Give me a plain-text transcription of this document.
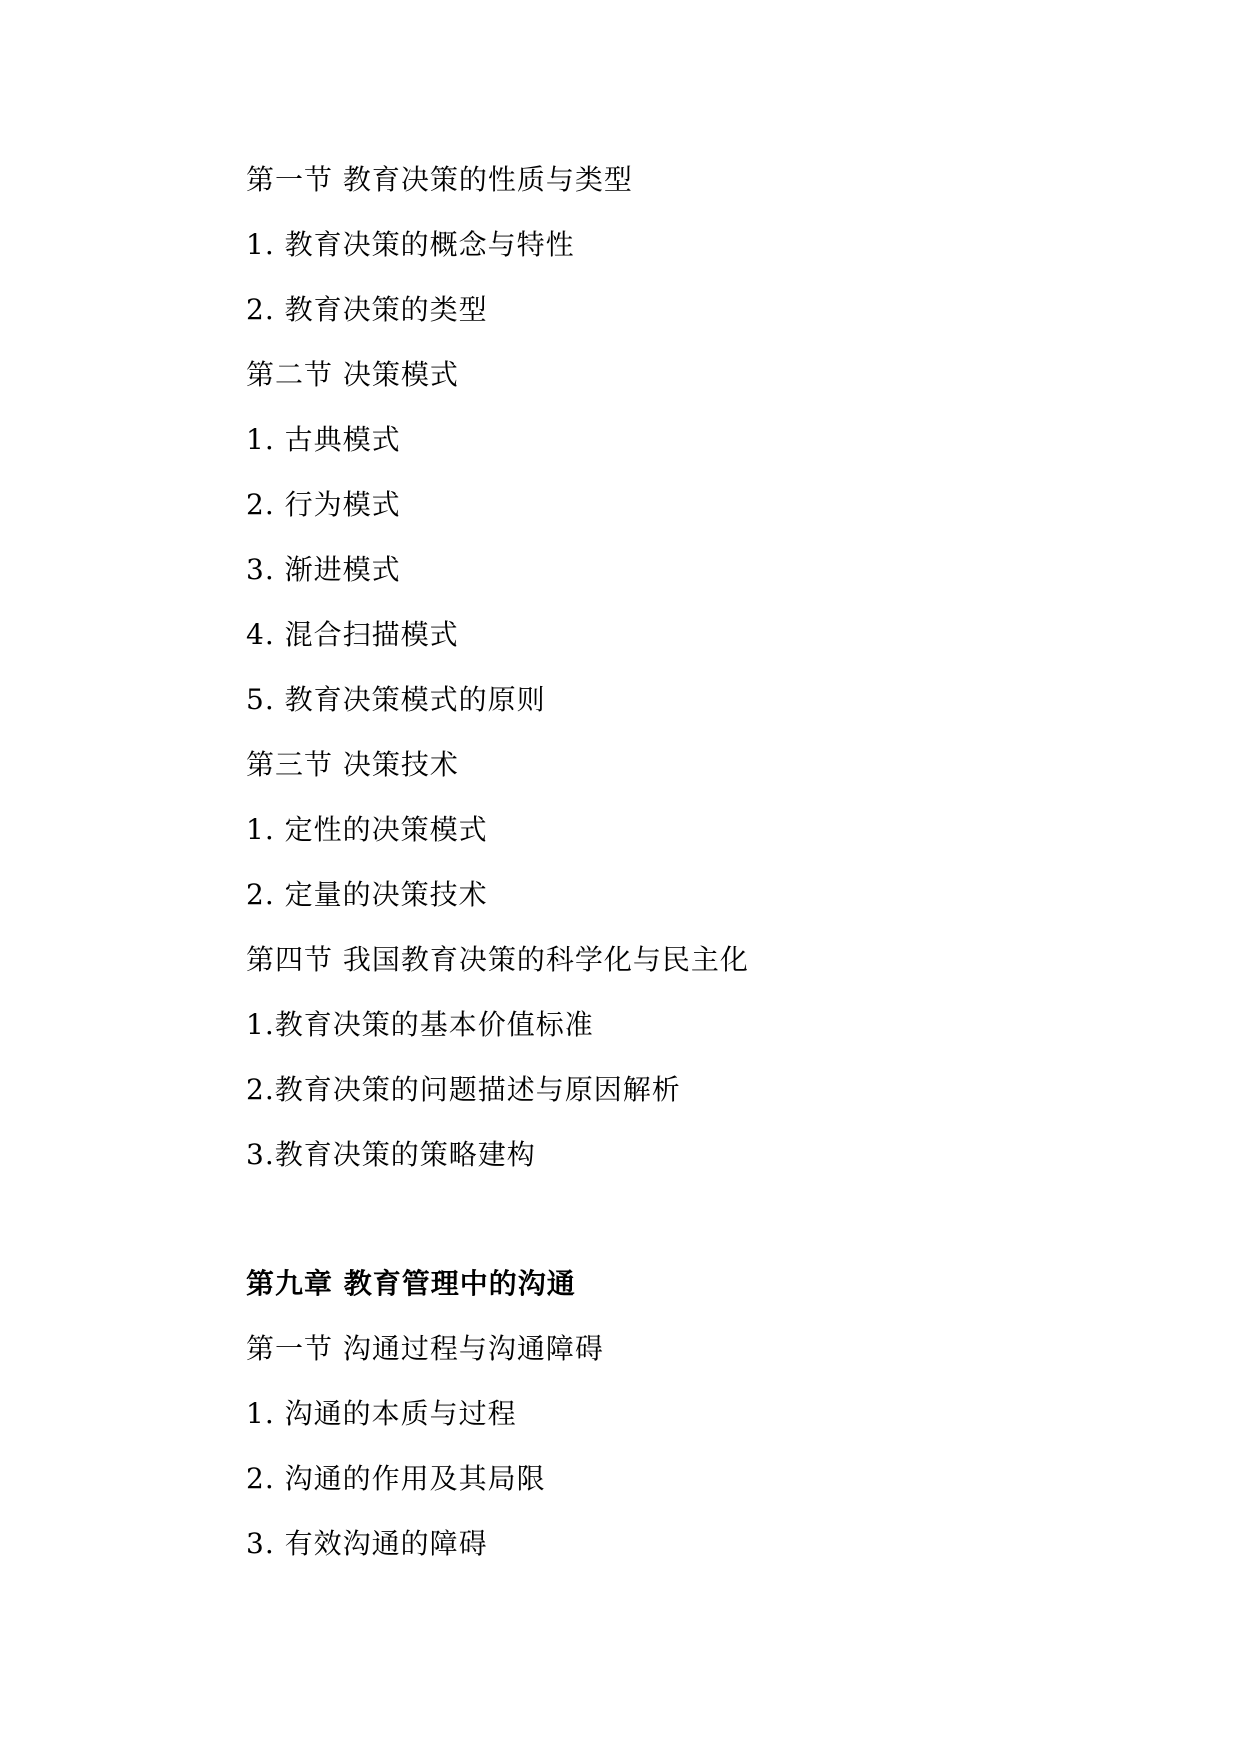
第一节 教育决策的性质与类型
1. 教育决策的概念与特性
2. 教育决策的类型
第二节 决策模式
1. 古典模式
2. 行为模式
3. 渐进模式
4. 混合扫描模式
5. 教育决策模式的原则
第三节 决策技术
1. 定性的决策模式
2. 定量的决策技术
第四节 我国教育决策的科学化与民主化
1.教育决策的基本价值标准
2.教育决策的问题描述与原因解析
3.教育决策的策略建构
第九章 教育管理中的沟通
第一节 沟通过程与沟通障碍
1. 沟通的本质与过程
2. 沟通的作用及其局限
3. 有效沟通的障碍
